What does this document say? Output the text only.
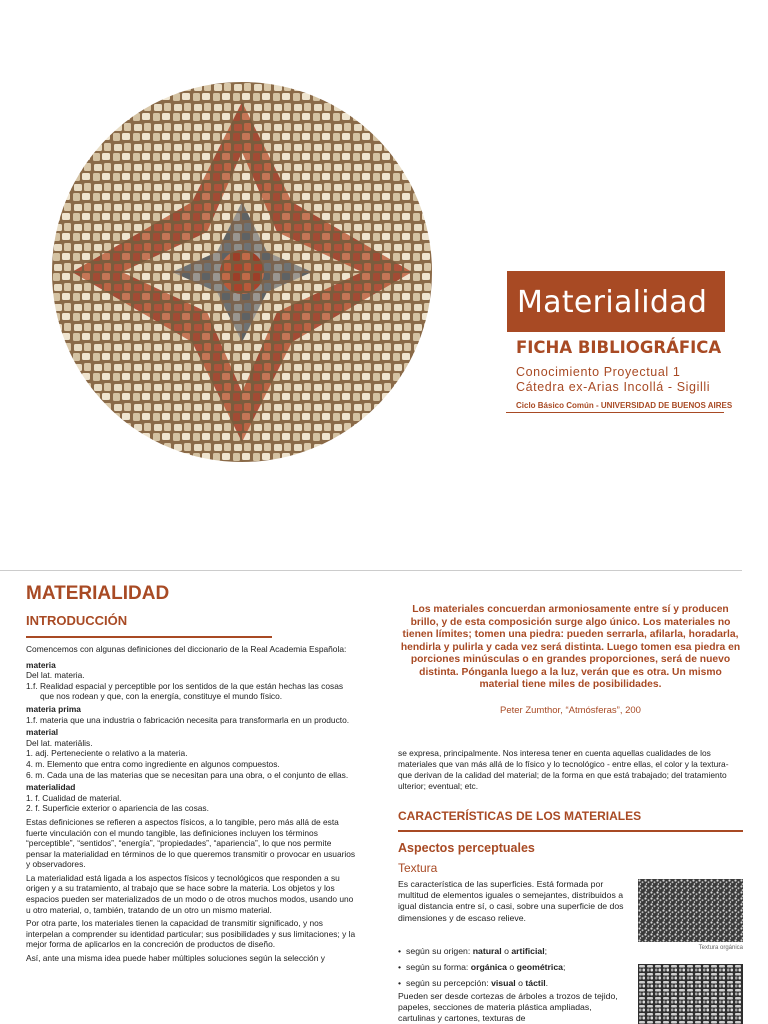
Materialidad
FICHA BIBLIOGRÁFICA
Conocimiento Proyectual 1
Cátedra ex-Arias Incollá - Sigilli
Ciclo Básico Común - UNIVERSIDAD DE BUENOS AIRES
MATERIALIDAD
INTRODUCCIÓN
Comencemos con algunas definiciones del diccionario de la Real Academia Española:
materia
Del lat. materia.
1.f. Realidad espacial y perceptible por los sentidos de la que están hechas las cosas que nos rodean y que, con la energía, constituye el mundo físico.
materia prima
1.f. materia que una industria o fabricación necesita para transformarla en un producto.
material
Del lat. materiālis.
1. adj. Perteneciente o relativo a la materia.
4. m. Elemento que entra como ingrediente en algunos compuestos.
6. m. Cada una de las materias que se necesitan para una obra, o el conjunto de ellas.
materialidad
1. f. Cualidad de material.
2. f. Superficie exterior o apariencia de las cosas.
Estas definiciones se refieren a aspectos físicos, a lo tangible, pero más allá de esta fuerte vinculación con el mundo tangible, las definiciones incluyen los términos “perceptible”, “sentidos”, “energía”, “propiedades”, “apariencia”, lo que nos permite pensar la materialidad en términos de lo que queremos transmitir o provocar en usuarios y observadores.
La materialidad está ligada a los aspectos físicos y tecnológicos que responden a su origen y a su tratamiento, al trabajo que se hace sobre la materia. Los objetos y los espacios pueden ser materializados de un modo o de otros muchos modos, usando uno u otro material, o, también, tratando de un otro un mismo material.
Por otra parte, los materiales tienen la capacidad de transmitir significado, y nos interpelan a comprender su identidad particular; sus posibilidades y sus limitaciones; y la mejor forma de aplicarlos en la concreción de productos de diseño.
Así, ante una misma idea puede haber múltiples soluciones según la selección y
Los materiales concuerdan armoniosamente entre sí y producen brillo, y de esta composición surge algo único. Los materiales no tienen límites; tomen una piedra: pueden serrarla, afilarla, horadarla, hendirla y pulirla y cada vez será distinta. Luego tomen esa piedra en porciones minúsculas o en grandes proporciones, será de nuevo distinta. Pónganla luego a la luz, verán que es otra. Un mismo material tiene miles de posibilidades.
Peter Zumthor, “Atmósferas”, 200
se expresa, principalmente. Nos interesa tener en cuenta aquellas cualidades de los materiales que van más allá de lo físico y lo tecnológico - entre ellas, el color y la textura- que derivan de la calidad del material; de la forma en que está trabajado; del tratamiento ulterior; eventual; etc.
CARACTERÍSTICAS DE LOS MATERIALES
Aspectos perceptuales
Textura
Es característica de las superficies. Está formada por multitud de elementos iguales o semejantes, distribuidos a igual distancia entre sí, o casi, sobre una superficie de dos dimensiones y de escaso relieve.
• según su origen: natural o artificial;
• según su forma: orgánica o geométrica;
• según su percepción: visual o táctil.
Pueden ser desde cortezas de árboles a trozos de tejido, papeles, secciones de materia plástica ampliadas, cartulinas y cartones, texturas de
Textura orgánica
